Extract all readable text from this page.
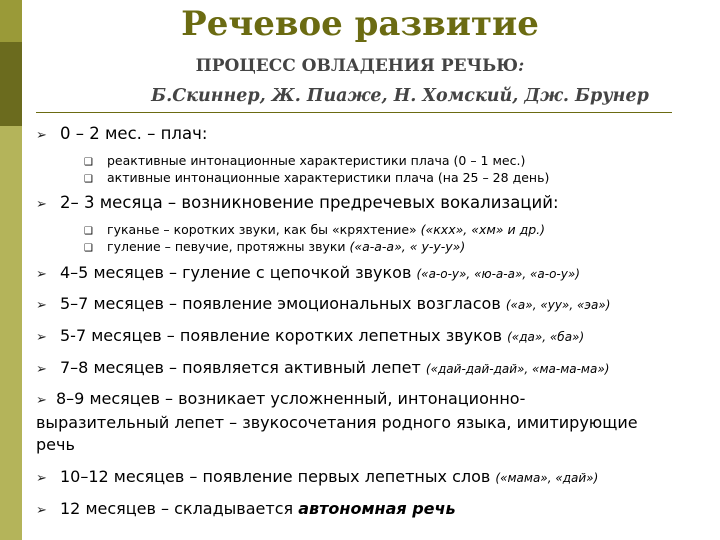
Речевое развитие
ПРОЦЕСС ОВЛАДЕНИЯ РЕЧЬЮ:
Б.Скиннер, Ж. Пиаже, Н. Хомский, Дж. Брунер
➢ 0 – 2 мес. – плач:
❑ реактивные интонационные характеристики плача (0 – 1 мес.)
❑ активные интонационные характеристики плача (на 25 – 28 день)
➢ 2– 3 месяца – возникновение предречевых вокализаций:
❑ гуканье – коротких звуки, как бы «кряхтение» («кхх», «хм» и др.)
❑ гуление – певучие, протяжны звуки («а-а-а», « у-у-у»)
➢ 4–5 месяцев – гуление с цепочкой звуков («а-о-у», «ю-а-а», «а-о-у»)
➢ 5–7 месяцев – появление эмоциональных возгласов («а», «уу», «эа»)
➢ 5-7 месяцев – появление коротких лепетных звуков («да», «ба»)
➢ 7–8 месяцев – появляется активный лепет («дай-дай-дай», «ма-ма-ма»)
➢ 8–9 месяцев – возникает усложненный, интонационно-выразительный лепет – звукосочетания родного языка, имитирующие речь
➢ 10–12 месяцев – появление первых лепетных слов («мама», «дай»)
➢ 12 месяцев – складывается автономная речь
